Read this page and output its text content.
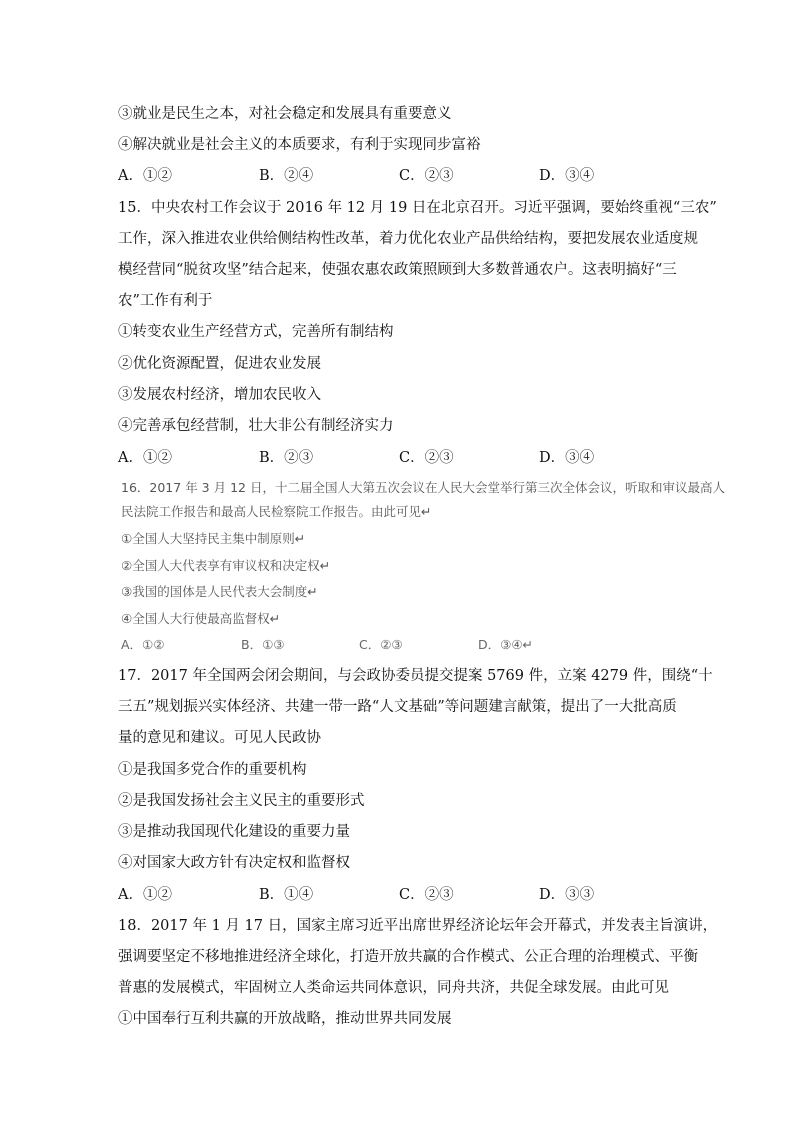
③就业是民生之本，对社会稳定和发展具有重要意义
④解决就业是社会主义的本质要求，有利于实现同步富裕
A．①②	B．②④	C．②③	D．③④
15．中央农村工作会议于 2016 年 12 月 19 日在北京召开。习近平强调，要始终重视“三农”
工作，深入推进农业供给侧结构性改革，着力优化农业产品供给结构，要把发展农业适度规
模经营同“脱贫攻坚”结合起来，使强农惠农政策照顾到大多数普通农户。这表明搞好“三
农”工作有利于
①转变农业生产经营方式，完善所有制结构
②优化资源配置，促进农业发展
③发展农村经济，增加农民收入
④完善承包经营制，壮大非公有制经济实力
A．①②	B．②③	C．②③	D．③④
16．2017 年 3 月 12 日，十二届全国人大第五次会议在人民大会堂举行第三次全体会议，听取和审议最高人
民法院工作报告和最高人民检察院工作报告。由此可见↵
①全国人大坚持民主集中制原则↵
②全国人大代表享有审议权和决定权↵
③我国的国体是人民代表大会制度↵
④全国人大行使最高监督权↵
A．①②	B．①③	C．②③	D．③④↵
17．2017 年全国两会闭会期间，与会政协委员提交提案 5769 件，立案 4279 件，围绕“十
三五”规划振兴实体经济、共建一带一路“人文基础”等问题建言献策，提出了一大批高质
量的意见和建议。可见人民政协
①是我国多党合作的重要机构
②是我国发扬社会主义民主的重要形式
③是推动我国现代化建设的重要力量
④对国家大政方针有决定权和监督权
A．①②	B．①④	C．②③	D．③③
18．2017 年 1 月 17 日，国家主席习近平出席世界经济论坛年会开幕式，并发表主旨演讲，
强调要坚定不移地推进经济全球化，打造开放共赢的合作模式、公正合理的治理模式、平衡
普惠的发展模式，牢固树立人类命运共同体意识，同舟共济，共促全球发展。由此可见
①中国奉行互利共赢的开放战略，推动世界共同发展
